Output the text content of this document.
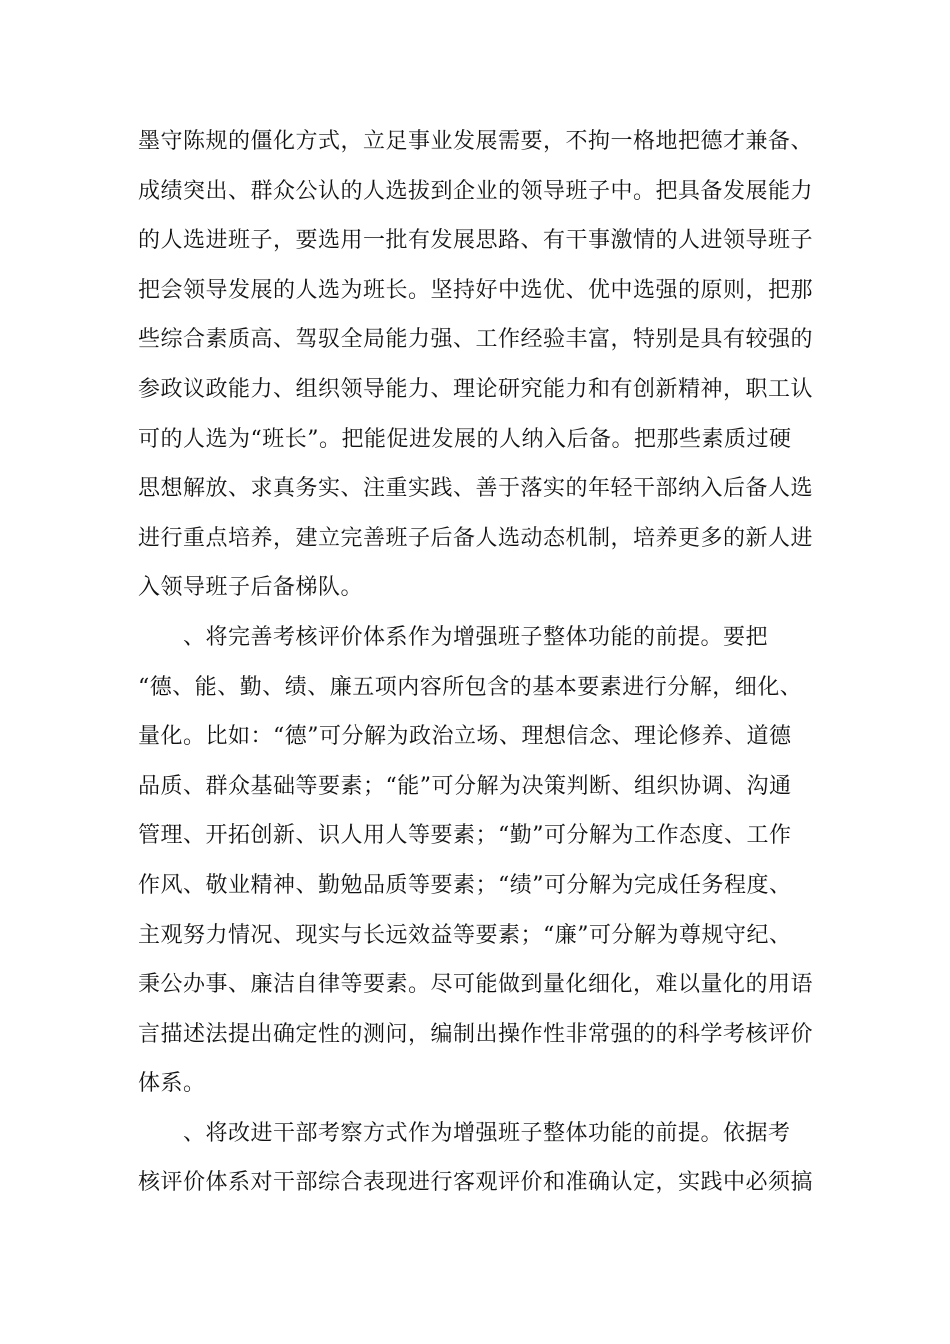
墨守陈规的僵化方式，立足事业发展需要，不拘一格地把德才兼备、
成绩突出、群众公认的人选拔到企业的领导班子中。把具备发展能力
的人选进班子，要选用一批有发展思路、有干事激情的人进领导班子
把会领导发展的人选为班长。坚持好中选优、优中选强的原则，把那
些综合素质高、驾驭全局能力强、工作经验丰富，特别是具有较强的
参政议政能力、组织领导能力、理论研究能力和有创新精神，职工认
可的人选为“班长”。把能促进发展的人纳入后备。把那些素质过硬
思想解放、求真务实、注重实践、善于落实的年轻干部纳入后备人选
进行重点培养，建立完善班子后备人选动态机制，培养更多的新人进
入领导班子后备梯队。
　　、将完善考核评价体系作为增强班子整体功能的前提。要把
“德、能、勤、绩、廉五项内容所包含的基本要素进行分解，细化、
量化。比如：“德”可分解为政治立场、理想信念、理论修养、道德
品质、群众基础等要素；“能”可分解为决策判断、组织协调、沟通
管理、开拓创新、识人用人等要素；“勤”可分解为工作态度、工作
作风、敬业精神、勤勉品质等要素；“绩”可分解为完成任务程度、
主观努力情况、现实与长远效益等要素；“廉”可分解为尊规守纪、
秉公办事、廉洁自律等要素。尽可能做到量化细化，难以量化的用语
言描述法提出确定性的测问，编制出操作性非常强的的科学考核评价
体系。
　　、将改进干部考察方式作为增强班子整体功能的前提。依据考
核评价体系对干部综合表现进行客观评价和准确认定，实践中必须搞
